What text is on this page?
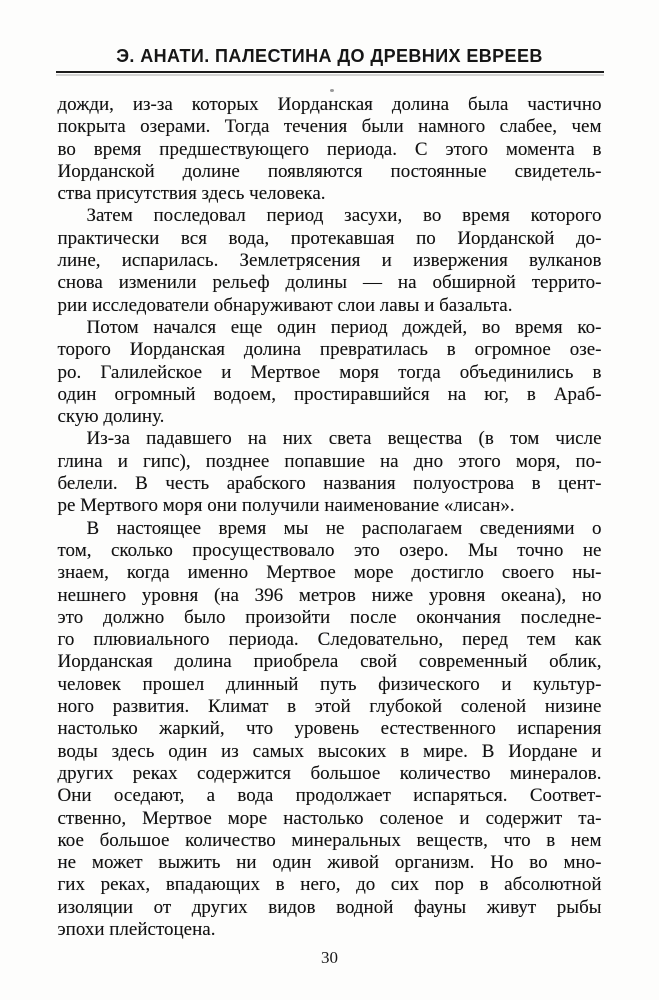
Э. АНАТИ. ПАЛЕСТИНА ДО ДРЕВНИХ ЕВРЕЕВ
дожди, из-за которых Иорданская долина была частично
покрыта озерами. Тогда течения были намного слабее, чем
во время предшествующего периода. С этого момента в
Иорданской долине появляются постоянные свидетель-
ства присутствия здесь человека.
Затем последовал период засухи, во время которого
практически вся вода, протекавшая по Иорданской до-
лине, испарилась. Землетрясения и извержения вулканов
снова изменили рельеф долины — на обширной террито-
рии исследователи обнаруживают слои лавы и базальта.
Потом начался еще один период дождей, во время ко-
торого Иорданская долина превратилась в огромное озе-
ро. Галилейское и Мертвое моря тогда объединились в
один огромный водоем, простиравшийся на юг, в Араб-
скую долину.
Из-за падавшего на них света вещества (в том числе
глина и гипс), позднее попавшие на дно этого моря, по-
белели. В честь арабского названия полуострова в цент-
ре Мертвого моря они получили наименование «лисан».
В настоящее время мы не располагаем сведениями о
том, сколько просуществовало это озеро. Мы точно не
знаем, когда именно Мертвое море достигло своего ны-
нешнего уровня (на 396 метров ниже уровня океана), но
это должно было произойти после окончания последне-
го плювиального периода. Следовательно, перед тем как
Иорданская долина приобрела свой современный облик,
человек прошел длинный путь физического и культур-
ного развития. Климат в этой глубокой соленой низине
настолько жаркий, что уровень естественного испарения
воды здесь один из самых высоких в мире. В Иордане и
других реках содержится большое количество минералов.
Они оседают, а вода продолжает испаряться. Соответ-
ственно, Мертвое море настолько соленое и содержит та-
кое большое количество минеральных веществ, что в нем
не может выжить ни один живой организм. Но во мно-
гих реках, впадающих в него, до сих пор в абсолютной
изоляции от других видов водной фауны живут рыбы
эпохи плейстоцена.
30
